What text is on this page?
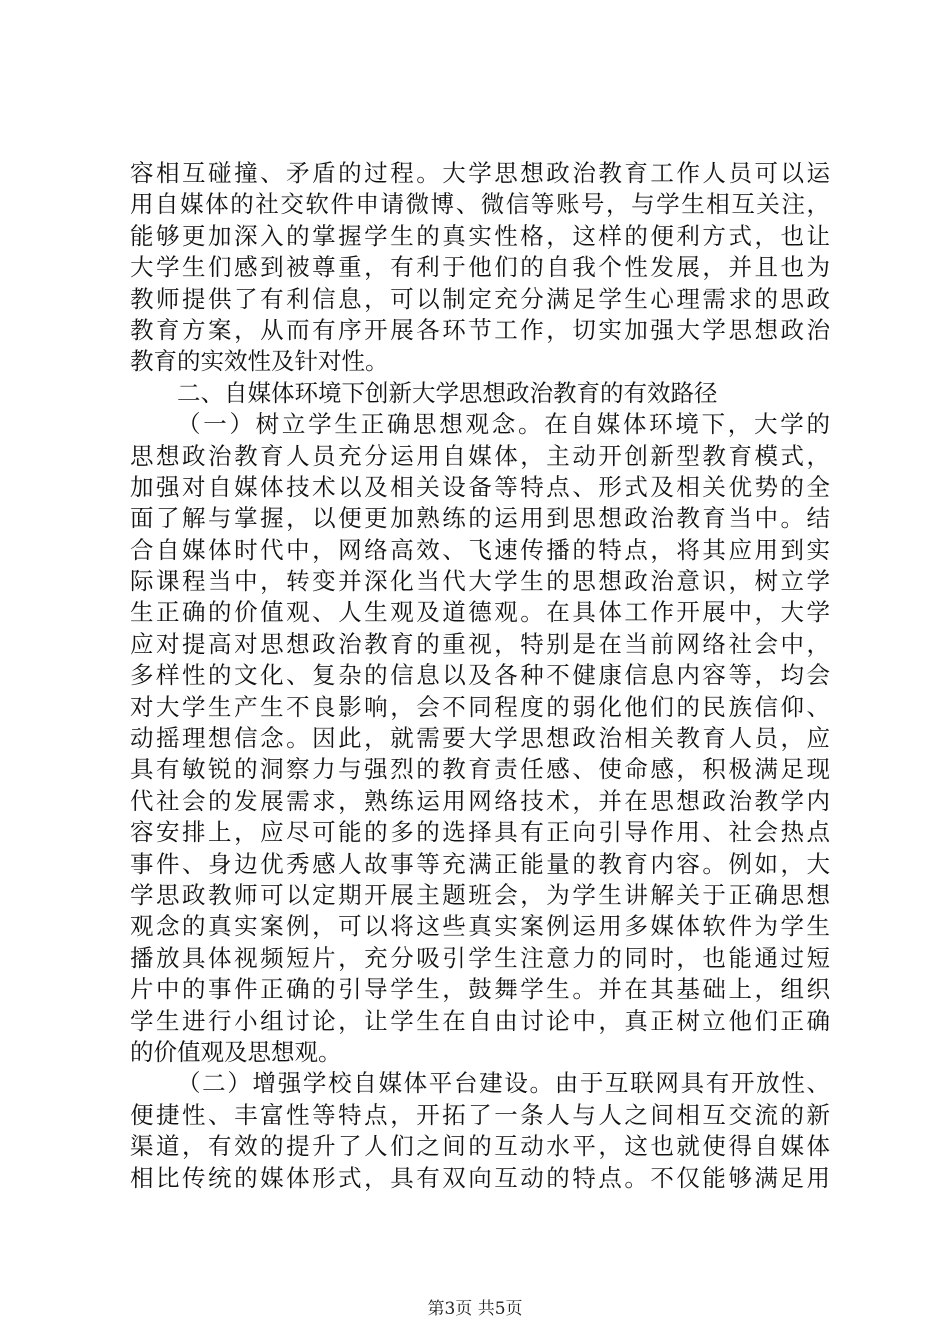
容相互碰撞、矛盾的过程。大学思想政治教育工作人员可以运
用自媒体的社交软件申请微博、微信等账号，与学生相互关注，
能够更加深入的掌握学生的真实性格，这样的便利方式，也让
大学生们感到被尊重，有利于他们的自我个性发展，并且也为
教师提供了有利信息，可以制定充分满足学生心理需求的思政
教育方案，从而有序开展各环节工作，切实加强大学思想政治
教育的实效性及针对性。
二、自媒体环境下创新大学思想政治教育的有效路径
（一）树立学生正确思想观念。在自媒体环境下，大学的
思想政治教育人员充分运用自媒体，主动开创新型教育模式，
加强对自媒体技术以及相关设备等特点、形式及相关优势的全
面了解与掌握，以便更加熟练的运用到思想政治教育当中。结
合自媒体时代中，网络高效、飞速传播的特点，将其应用到实
际课程当中，转变并深化当代大学生的思想政治意识，树立学
生正确的价值观、人生观及道德观。在具体工作开展中，大学
应对提高对思想政治教育的重视，特别是在当前网络社会中，
多样性的文化、复杂的信息以及各种不健康信息内容等，均会
对大学生产生不良影响，会不同程度的弱化他们的民族信仰、
动摇理想信念。因此，就需要大学思想政治相关教育人员，应
具有敏锐的洞察力与强烈的教育责任感、使命感，积极满足现
代社会的发展需求，熟练运用网络技术，并在思想政治教学内
容安排上，应尽可能的多的选择具有正向引导作用、社会热点
事件、身边优秀感人故事等充满正能量的教育内容。例如，大
学思政教师可以定期开展主题班会，为学生讲解关于正确思想
观念的真实案例，可以将这些真实案例运用多媒体软件为学生
播放具体视频短片，充分吸引学生注意力的同时，也能通过短
片中的事件正确的引导学生，鼓舞学生。并在其基础上，组织
学生进行小组讨论，让学生在自由讨论中，真正树立他们正确
的价值观及思想观。
（二）增强学校自媒体平台建设。由于互联网具有开放性、
便捷性、丰富性等特点，开拓了一条人与人之间相互交流的新
渠道，有效的提升了人们之间的互动水平，这也就使得自媒体
相比传统的媒体形式，具有双向互动的特点。不仅能够满足用
第3页 共5页
